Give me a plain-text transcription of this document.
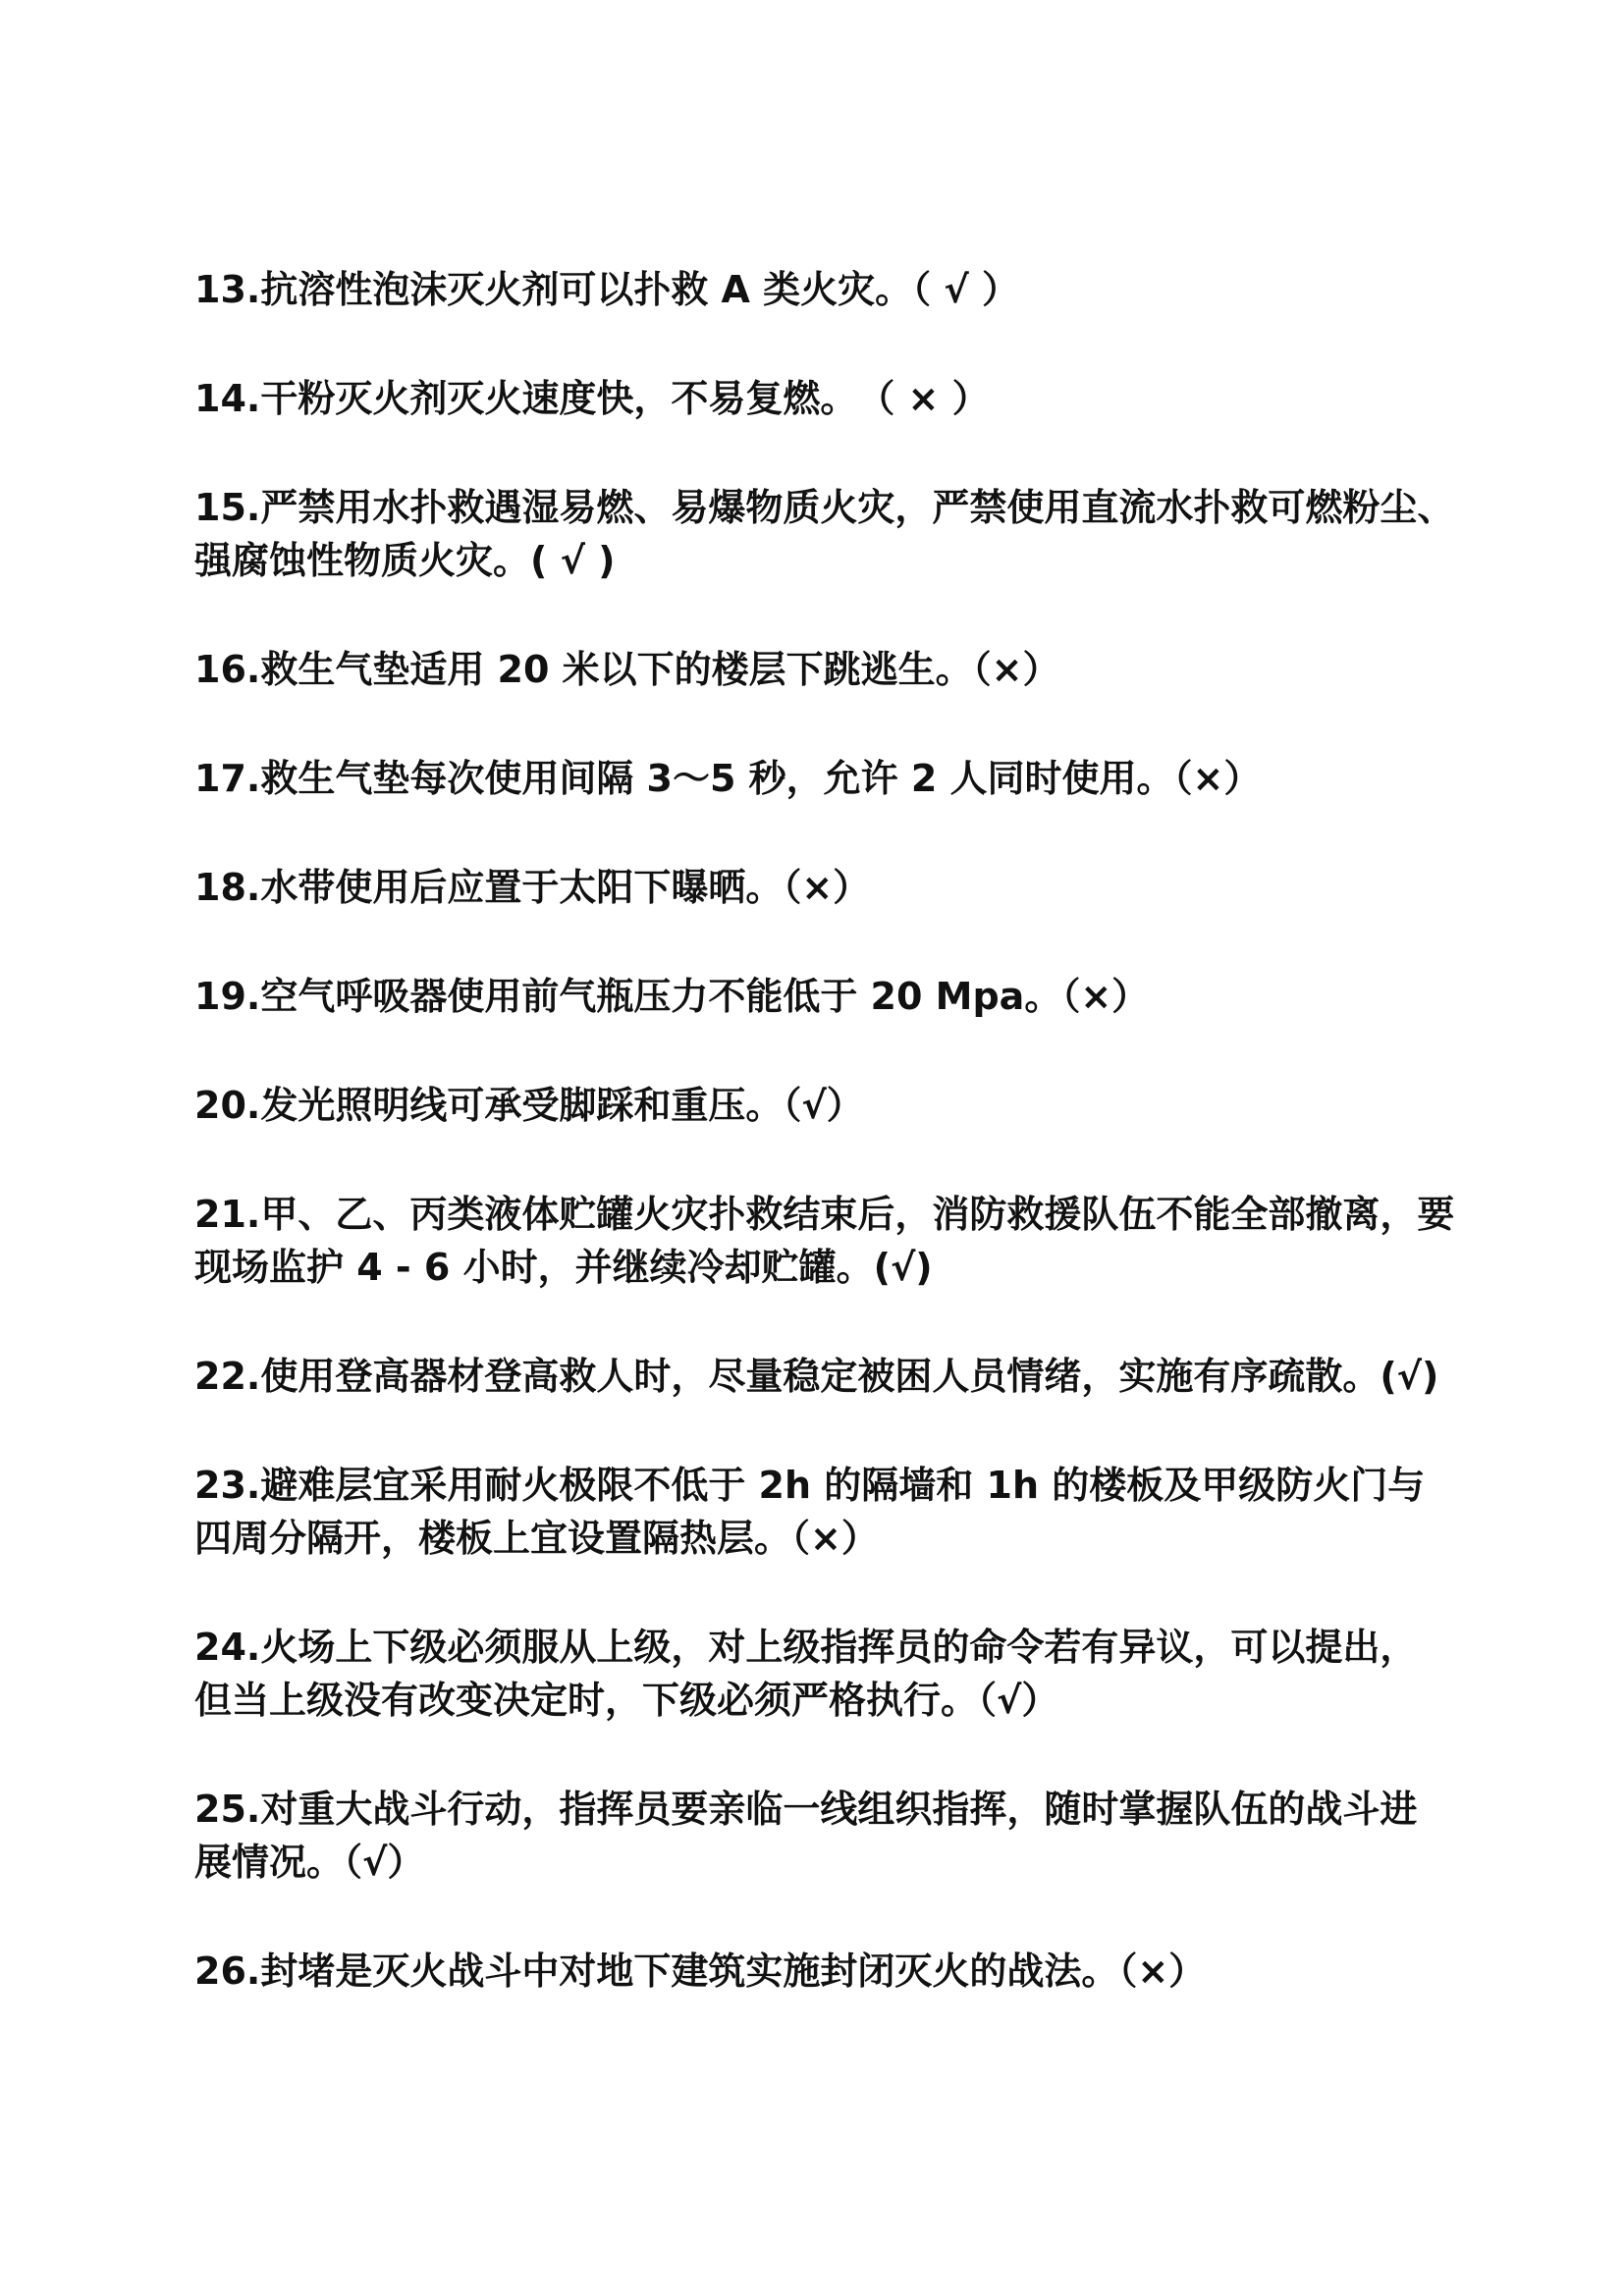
13.抗溶性泡沫灭火剂可以扑救 A 类火灾。（ √ ）
14.干粉灭火剂灭火速度快，不易复燃。　（ × ）
15.严禁用水扑救遇湿易燃、易爆物质火灾，严禁使用直流水扑救可燃粉尘、
强腐蚀性物质火灾。( √ )
16.救生气垫适用 20 米以下的楼层下跳逃生。（×）
17.救生气垫每次使用间隔 3～5 秒，允许 2 人同时使用。（×）
18.水带使用后应置于太阳下曝晒。（×）
19.空气呼吸器使用前气瓶压力不能低于 20 Mpa。（×）
20.发光照明线可承受脚踩和重压。（√）
21.甲、乙、丙类液体贮罐火灾扑救结束后，消防救援队伍不能全部撤离，要
现场监护 4 - 6 小时，并继续冷却贮罐。(√)
22.使用登高器材登高救人时，尽量稳定被困人员情绪，实施有序疏散。(√)
23.避难层宜采用耐火极限不低于 2h 的隔墙和 1h 的楼板及甲级防火门与
四周分隔开，楼板上宜设置隔热层。（×）
24.火场上下级必须服从上级，对上级指挥员的命令若有异议，可以提出，
但当上级没有改变决定时，下级必须严格执行。（√）
25.对重大战斗行动，指挥员要亲临一线组织指挥，随时掌握队伍的战斗进
展情况。（√）
26.封堵是灭火战斗中对地下建筑实施封闭灭火的战法。（×）
